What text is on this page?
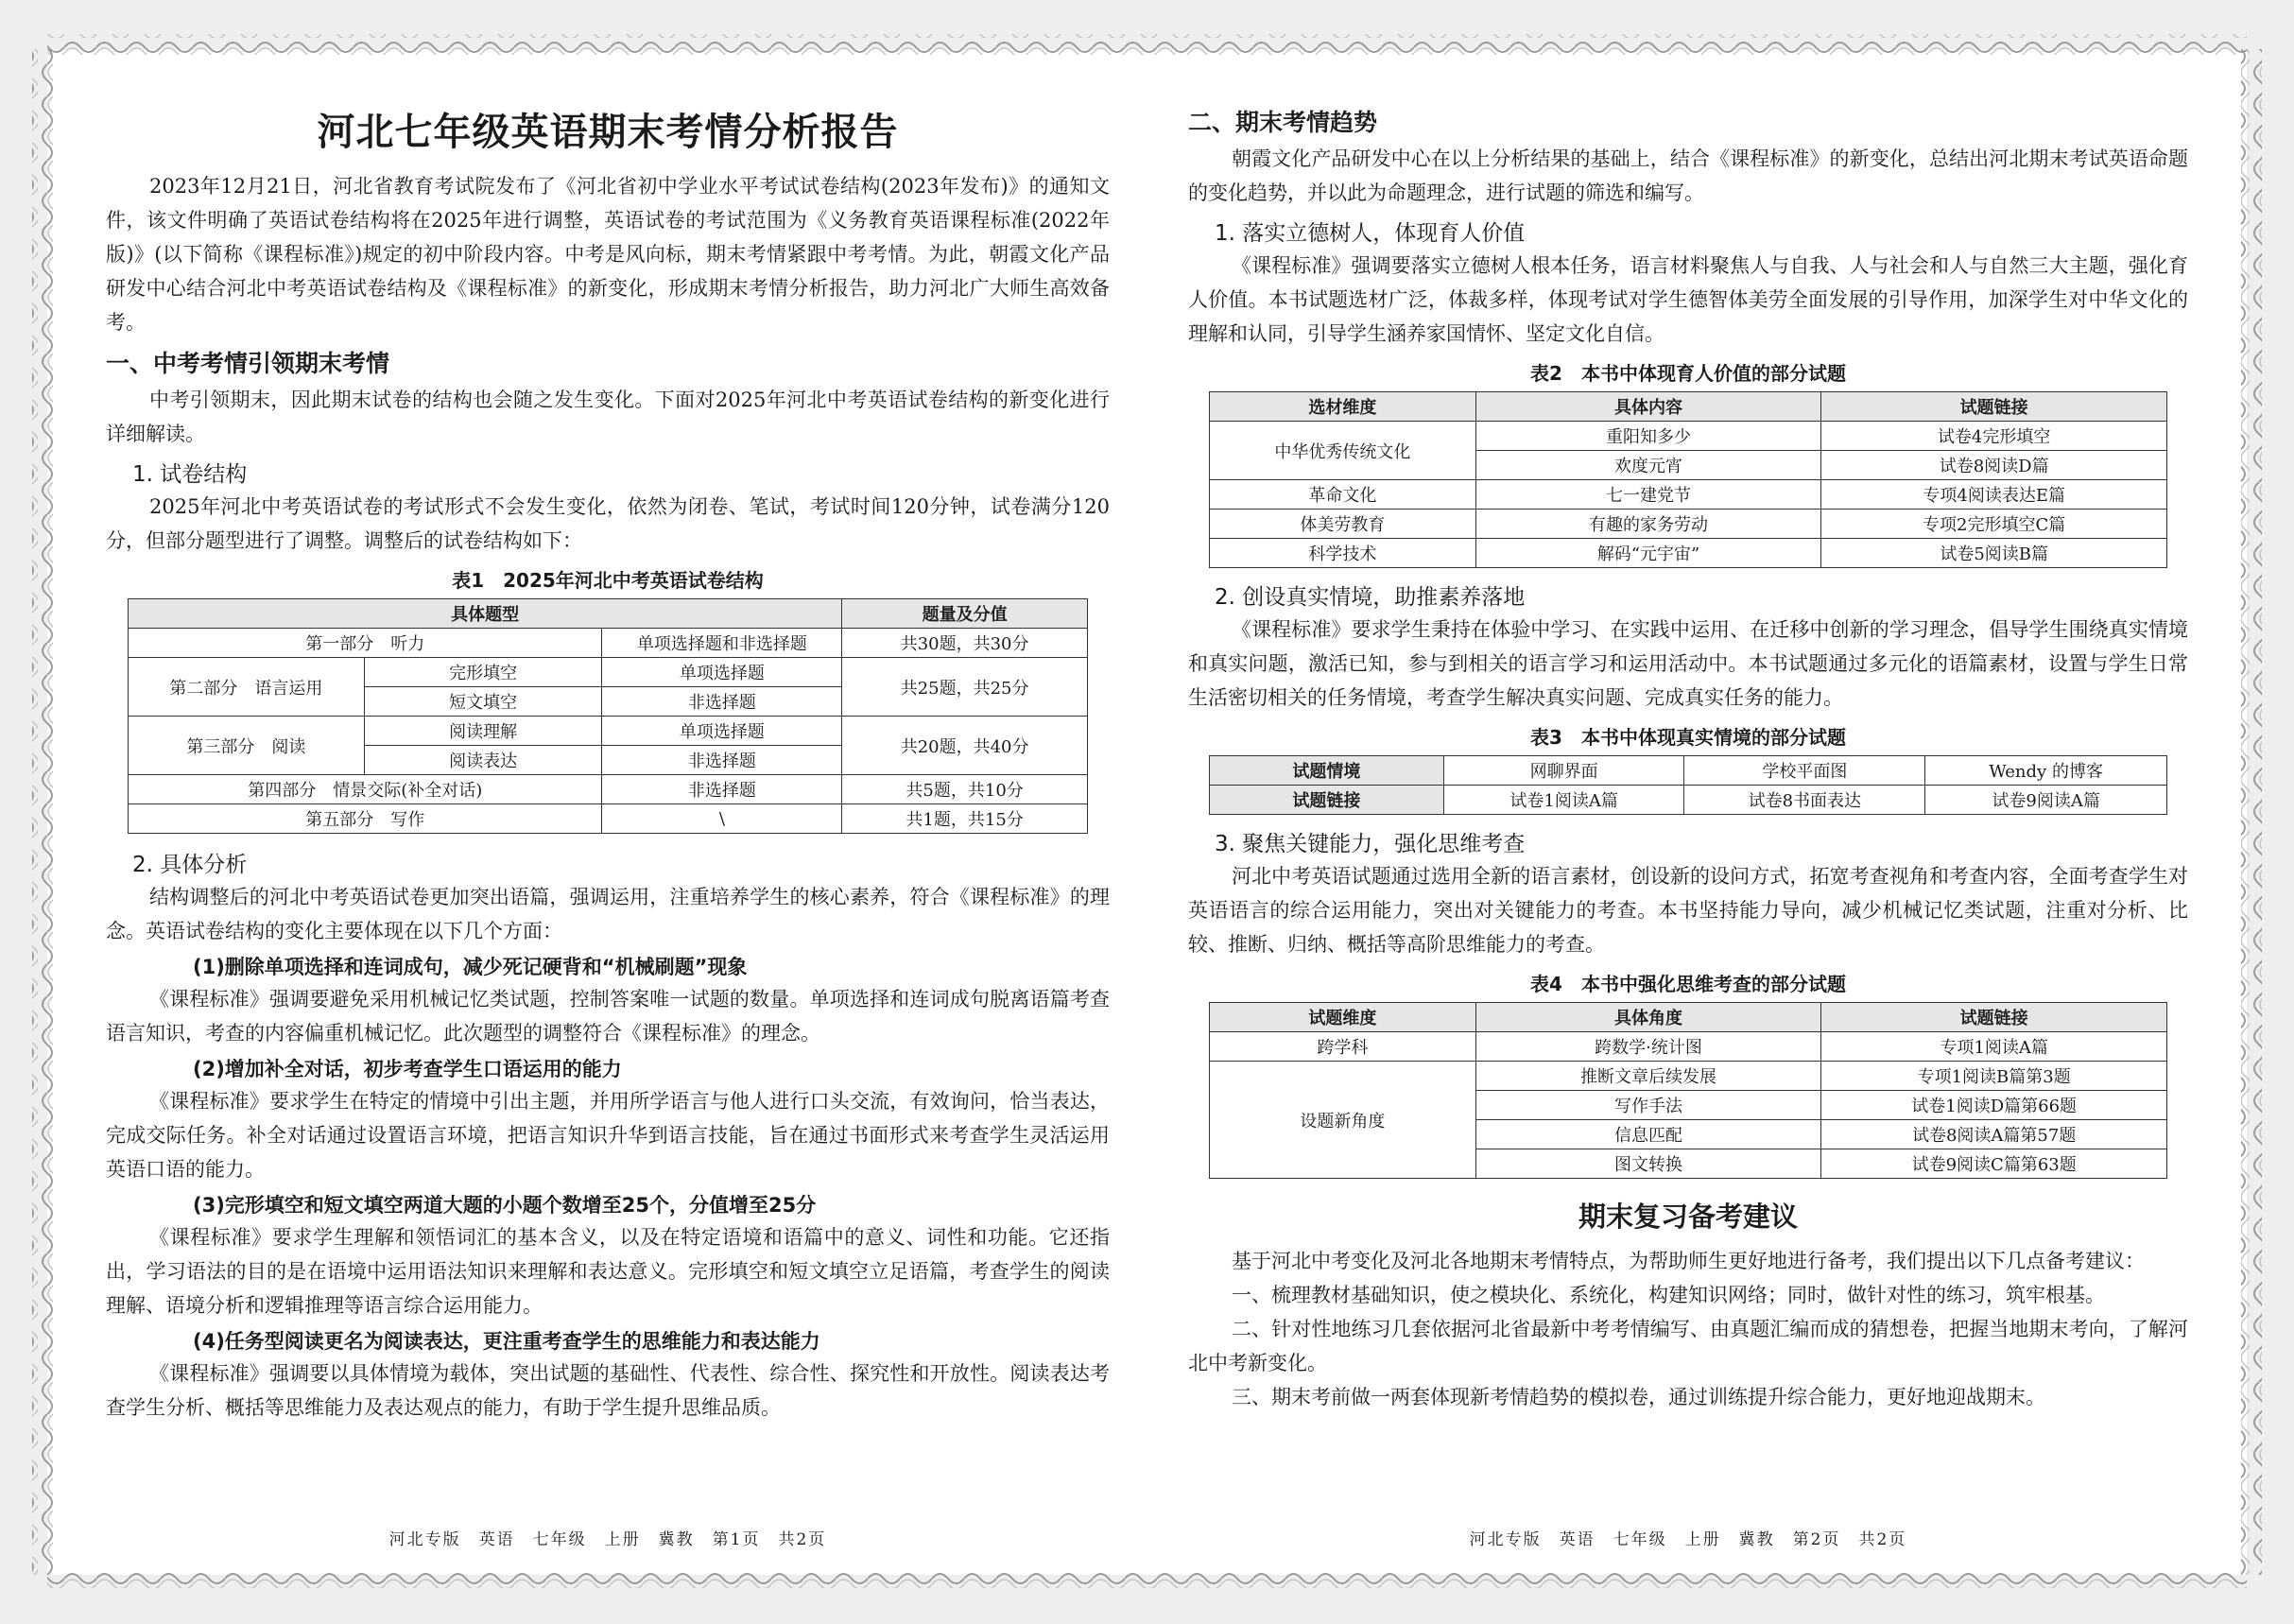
河北七年级英语期末考情分析报告

2023年12月21日，河北省教育考试院发布了《河北省初中学业水平考试试卷结构(2023年发布)》的通知文件，该文件明确了英语试卷结构将在2025年进行调整，英语试卷的考试范围为《义务教育英语课程标准(2022年版)》(以下简称《课程标准》)规定的初中阶段内容。中考是风向标，期末考情紧跟中考考情。为此，朝霞文化产品研发中心结合河北中考英语试卷结构及《课程标准》的新变化，形成期末考情分析报告，助力河北广大师生高效备考。

一、中考考情引领期末考情

中考引领期末，因此期末试卷的结构也会随之发生变化。下面对2025年河北中考英语试卷结构的新变化进行详细解读。

1. 试卷结构

2025年河北中考英语试卷的考试形式不会发生变化，依然为闭卷、笔试，考试时间120分钟，试卷满分120分，但部分题型进行了调整。调整后的试卷结构如下：

表1　2025年河北中考英语试卷结构
具体题型			题量及分值
第一部分　听力		单项选择题和非选择题	共30题，共30分
第二部分　语言运用	完形填空	单项选择题	共25题，共25分
	短文填空	非选择题	
第三部分　阅读	阅读理解	单项选择题	共20题，共40分
	阅读表达	非选择题	
第四部分　情景交际(补全对话)		非选择题	共5题，共10分
第五部分　写作		\	共1题，共15分
2. 具体分析

结构调整后的河北中考英语试卷更加突出语篇，强调运用，注重培养学生的核心素养，符合《课程标准》的理念。英语试卷结构的变化主要体现在以下几个方面：

(1)删除单项选择和连词成句，减少死记硬背和“机械刷题”现象

《课程标准》强调要避免采用机械记忆类试题，控制答案唯一试题的数量。单项选择和连词成句脱离语篇考查语言知识，考查的内容偏重机械记忆。此次题型的调整符合《课程标准》的理念。

(2)增加补全对话，初步考查学生口语运用的能力

《课程标准》要求学生在特定的情境中引出主题，并用所学语言与他人进行口头交流，有效询问，恰当表达，完成交际任务。补全对话通过设置语言环境，把语言知识升华到语言技能，旨在通过书面形式来考查学生灵活运用英语口语的能力。

(3)完形填空和短文填空两道大题的小题个数增至25个，分值增至25分

《课程标准》要求学生理解和领悟词汇的基本含义，以及在特定语境和语篇中的意义、词性和功能。它还指出，学习语法的目的是在语境中运用语法知识来理解和表达意义。完形填空和短文填空立足语篇，考查学生的阅读理解、语境分析和逻辑推理等语言综合运用能力。

(4)任务型阅读更名为阅读表达，更注重考查学生的思维能力和表达能力

《课程标准》强调要以具体情境为载体，突出试题的基础性、代表性、综合性、探究性和开放性。阅读表达考查学生分析、概括等思维能力及表达观点的能力，有助于学生提升思维品质。

河北专版　英语　七年级　上册　冀教　第1页　共2页
二、期末考情趋势

朝霞文化产品研发中心在以上分析结果的基础上，结合《课程标准》的新变化，总结出河北期末考试英语命题的变化趋势，并以此为命题理念，进行试题的筛选和编写。

1. 落实立德树人，体现育人价值

《课程标准》强调要落实立德树人根本任务，语言材料聚焦人与自我、人与社会和人与自然三大主题，强化育人价值。本书试题选材广泛，体裁多样，体现考试对学生德智体美劳全面发展的引导作用，加深学生对中华文化的理解和认同，引导学生涵养家国情怀、坚定文化自信。

表2　本书中体现育人价值的部分试题
选材维度	具体内容	试题链接
中华优秀传统文化	重阳知多少	试卷4完形填空
	欢度元宵	试卷8阅读D篇
革命文化	七一建党节	专项4阅读表达E篇
体美劳教育	有趣的家务劳动	专项2完形填空C篇
科学技术	解码“元宇宙”	试卷5阅读B篇
2. 创设真实情境，助推素养落地

《课程标准》要求学生秉持在体验中学习、在实践中运用、在迁移中创新的学习理念，倡导学生围绕真实情境和真实问题，激活已知，参与到相关的语言学习和运用活动中。本书试题通过多元化的语篇素材，设置与学生日常生活密切相关的任务情境，考查学生解决真实问题、完成真实任务的能力。

表3　本书中体现真实情境的部分试题
试题情境	网聊界面	学校平面图	Wendy 的博客
试题链接	试卷1阅读A篇	试卷8书面表达	试卷9阅读A篇
3. 聚焦关键能力，强化思维考查

河北中考英语试题通过选用全新的语言素材，创设新的设问方式，拓宽考查视角和考查内容，全面考查学生对英语语言的综合运用能力，突出对关键能力的考查。本书坚持能力导向，减少机械记忆类试题，注重对分析、比较、推断、归纳、概括等高阶思维能力的考查。

表4　本书中强化思维考查的部分试题
试题维度	具体角度	试题链接
跨学科	跨数学·统计图	专项1阅读A篇
设题新角度	推断文章后续发展	专项1阅读B篇第3题
	写作手法	试卷1阅读D篇第66题
	信息匹配	试卷8阅读A篇第57题
	图文转换	试卷9阅读C篇第63题
期末复习备考建议

基于河北中考变化及河北各地期末考情特点，为帮助师生更好地进行备考，我们提出以下几点备考建议：

一、梳理教材基础知识，使之模块化、系统化，构建知识网络；同时，做针对性的练习，筑牢根基。

二、针对性地练习几套依据河北省最新中考考情编写、由真题汇编而成的猜想卷，把握当地期末考向，了解河北中考新变化。

三、期末考前做一两套体现新考情趋势的模拟卷，通过训练提升综合能力，更好地迎战期末。

河北专版　英语　七年级　上册　冀教　第2页　共2页
